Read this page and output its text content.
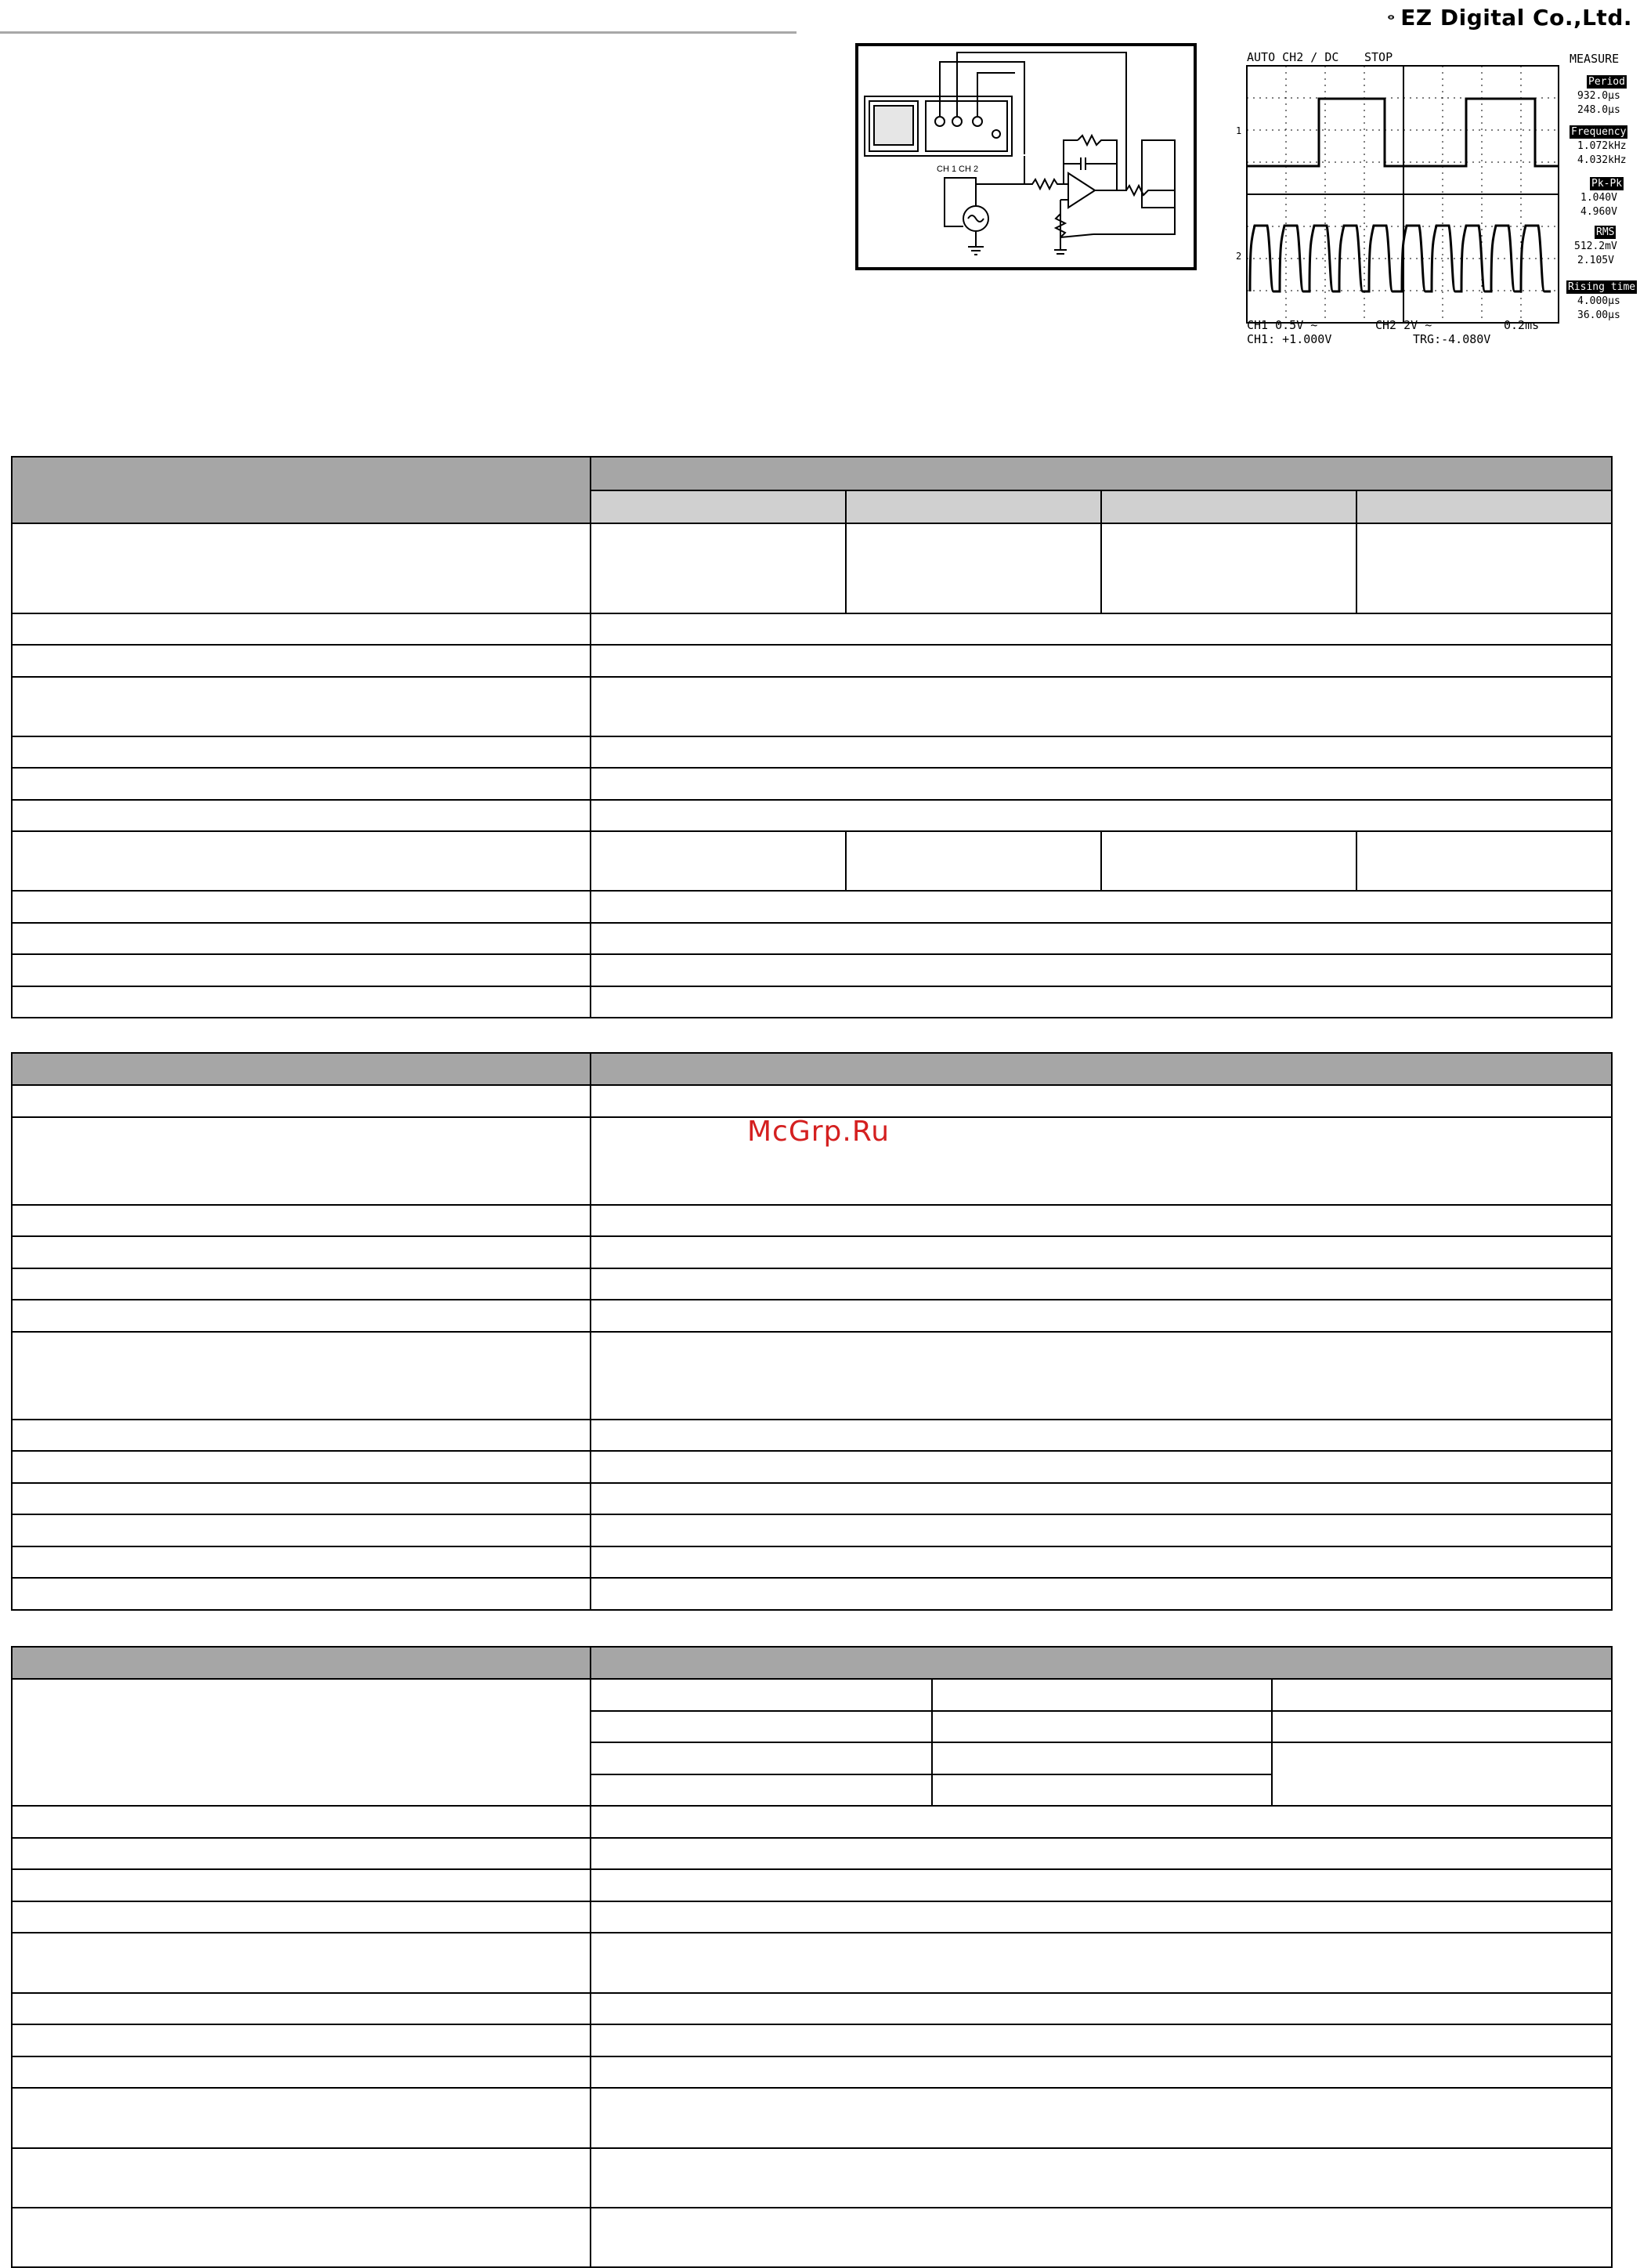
EZ Digital Co.,Ltd.
CH 1 CH 2
AUTO CH2 / DC STOP	MEASURE
1
2
Period
932.0µs
248.0µs
Frequency
1.072kHz
4.032kHz
Pk-Pk
1.040V
4.960V
RMS
512.2mV
2.105V
Rising time
4.000µs
36.00µs
CH1 0.5V ~	CH2 2V ~	0.2ms
CH1: +1.000V	TRG:-4.080V

McGrp.Ru
